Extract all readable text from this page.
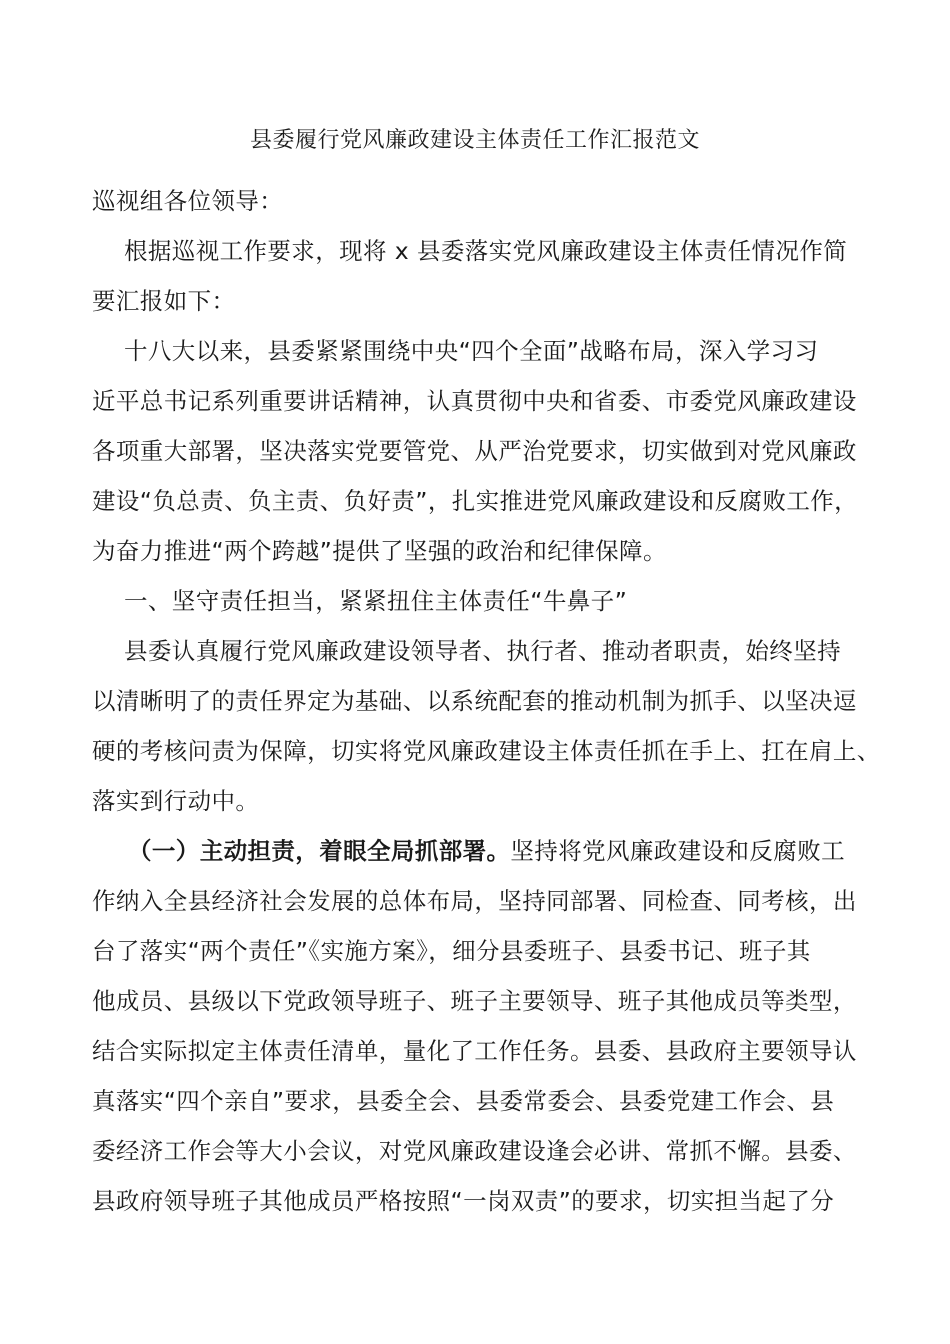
县委履行党风廉政建设主体责任工作汇报范文
巡视组各位领导：
根据巡视工作要求，现将 x 县委落实党风廉政建设主体责任情况作简
要汇报如下：
十八大以来，县委紧紧围绕中央“四个全面”战略布局，深入学习习
近平总书记系列重要讲话精神，认真贯彻中央和省委、市委党风廉政建设
各项重大部署，坚决落实党要管党、从严治党要求，切实做到对党风廉政
建设“负总责、负主责、负好责”，扎实推进党风廉政建设和反腐败工作，
为奋力推进“两个跨越”提供了坚强的政治和纪律保障。
一、坚守责任担当，紧紧扭住主体责任“牛鼻子”
县委认真履行党风廉政建设领导者、执行者、推动者职责，始终坚持
以清晰明了的责任界定为基础、以系统配套的推动机制为抓手、以坚决逗
硬的考核问责为保障，切实将党风廉政建设主体责任抓在手上、扛在肩上、
落实到行动中。
（一）主动担责，着眼全局抓部署。坚持将党风廉政建设和反腐败工
作纳入全县经济社会发展的总体布局，坚持同部署、同检查、同考核，出
台了落实“两个责任”《实施方案》，细分县委班子、县委书记、班子其
他成员、县级以下党政领导班子、班子主要领导、班子其他成员等类型，
结合实际拟定主体责任清单，量化了工作任务。县委、县政府主要领导认
真落实“四个亲自”要求，县委全会、县委常委会、县委党建工作会、县
委经济工作会等大小会议，对党风廉政建设逢会必讲、常抓不懈。县委、
县政府领导班子其他成员严格按照“一岗双责”的要求，切实担当起了分
